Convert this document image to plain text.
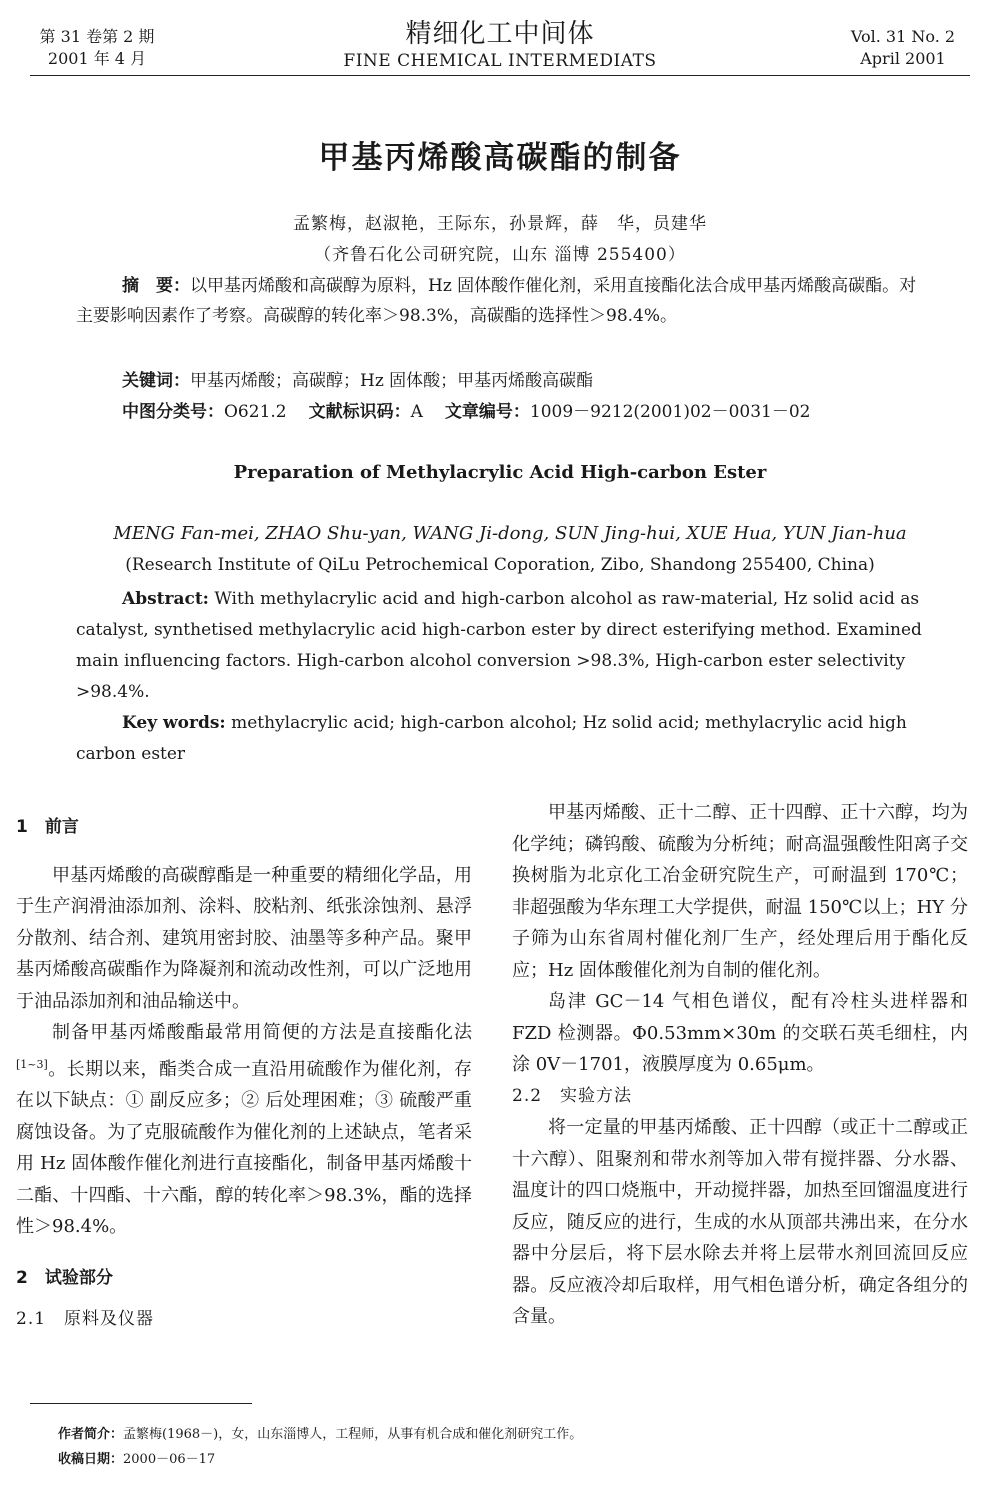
第 31 卷第 2 期
2001 年 4 月
精细化工中间体
FINE CHEMICAL INTERMEDIATS
Vol. 31 No. 2
April 2001
甲基丙烯酸高碳酯的制备
孟繁梅，赵淑艳，王际东，孙景辉，薛　华，员建华
（齐鲁石化公司研究院，山东 淄博 255400）
摘　要：以甲基丙烯酸和高碳醇为原料，Hz 固体酸作催化剂，采用直接酯化法合成甲基丙烯酸高碳酯。对主要影响因素作了考察。高碳醇的转化率＞98.3%，高碳酯的选择性＞98.4%。
关键词：甲基丙烯酸；高碳醇；Hz 固体酸；甲基丙烯酸高碳酯
中图分类号：O621.2 文献标识码：A 文章编号：1009－9212(2001)02－0031－02
Preparation of Methylacrylic Acid High-carbon Ester
MENG Fan-mei, ZHAO Shu-yan, WANG Ji-dong, SUN Jing-hui, XUE Hua, YUN Jian-hua
(Research Institute of QiLu Petrochemical Coporation, Zibo, Shandong 255400, China)
Abstract: With methylacrylic acid and high-carbon alcohol as raw-material, Hz solid acid as catalyst, synthetised methylacrylic acid high-carbon ester by direct esterifying method. Examined main influencing factors. High-carbon alcohol conversion >98.3%, High-carbon ester selectivity >98.4%.
Key words: methylacrylic acid; high-carbon alcohol; Hz solid acid; methylacrylic acid high carbon ester
1　前言

甲基丙烯酸的高碳醇酯是一种重要的精细化学品，用于生产润滑油添加剂、涂料、胶粘剂、纸张涂蚀剂、悬浮分散剂、结合剂、建筑用密封胶、油墨等多种产品。聚甲基丙烯酸高碳酯作为降凝剂和流动改性剂，可以广泛地用于油品添加剂和油品输送中。

制备甲基丙烯酸酯最常用简便的方法是直接酯化法[1~3]。长期以来，酯类合成一直沿用硫酸作为催化剂，存在以下缺点：① 副反应多；② 后处理困难；③ 硫酸严重腐蚀设备。为了克服硫酸作为催化剂的上述缺点，笔者采用 Hz 固体酸作催化剂进行直接酯化，制备甲基丙烯酸十二酯、十四酯、十六酯，醇的转化率＞98.3%，酯的选择性＞98.4%。

2　试验部分
2.1　原料及仪器

甲基丙烯酸、正十二醇、正十四醇、正十六醇，均为化学纯；磷钨酸、硫酸为分析纯；耐高温强酸性阳离子交换树脂为北京化工冶金研究院生产，可耐温到 170℃；非超强酸为华东理工大学提供，耐温 150℃以上；HY 分子筛为山东省周村催化剂厂生产，经处理后用于酯化反应；Hz 固体酸催化剂为自制的催化剂。

岛津 GC－14 气相色谱仪，配有冷柱头进样器和 FZD 检测器。Φ0.53mm×30m 的交联石英毛细柱，内涂 0V－1701，液膜厚度为 0.65μm。

2.2　实验方法

将一定量的甲基丙烯酸、正十四醇（或正十二醇或正十六醇）、阻聚剂和带水剂等加入带有搅拌器、分水器、温度计的四口烧瓶中，开动搅拌器，加热至回馏温度进行反应，随反应的进行，生成的水从顶部共沸出来，在分水器中分层后，将下层水除去并将上层带水剂回流回反应器。反应液冷却后取样，用气相色谱分析，确定各组分的含量。

作者简介：孟繁梅(1968－)，女，山东淄博人，工程师，从事有机合成和催化剂研究工作。
收稿日期：2000－06－17
